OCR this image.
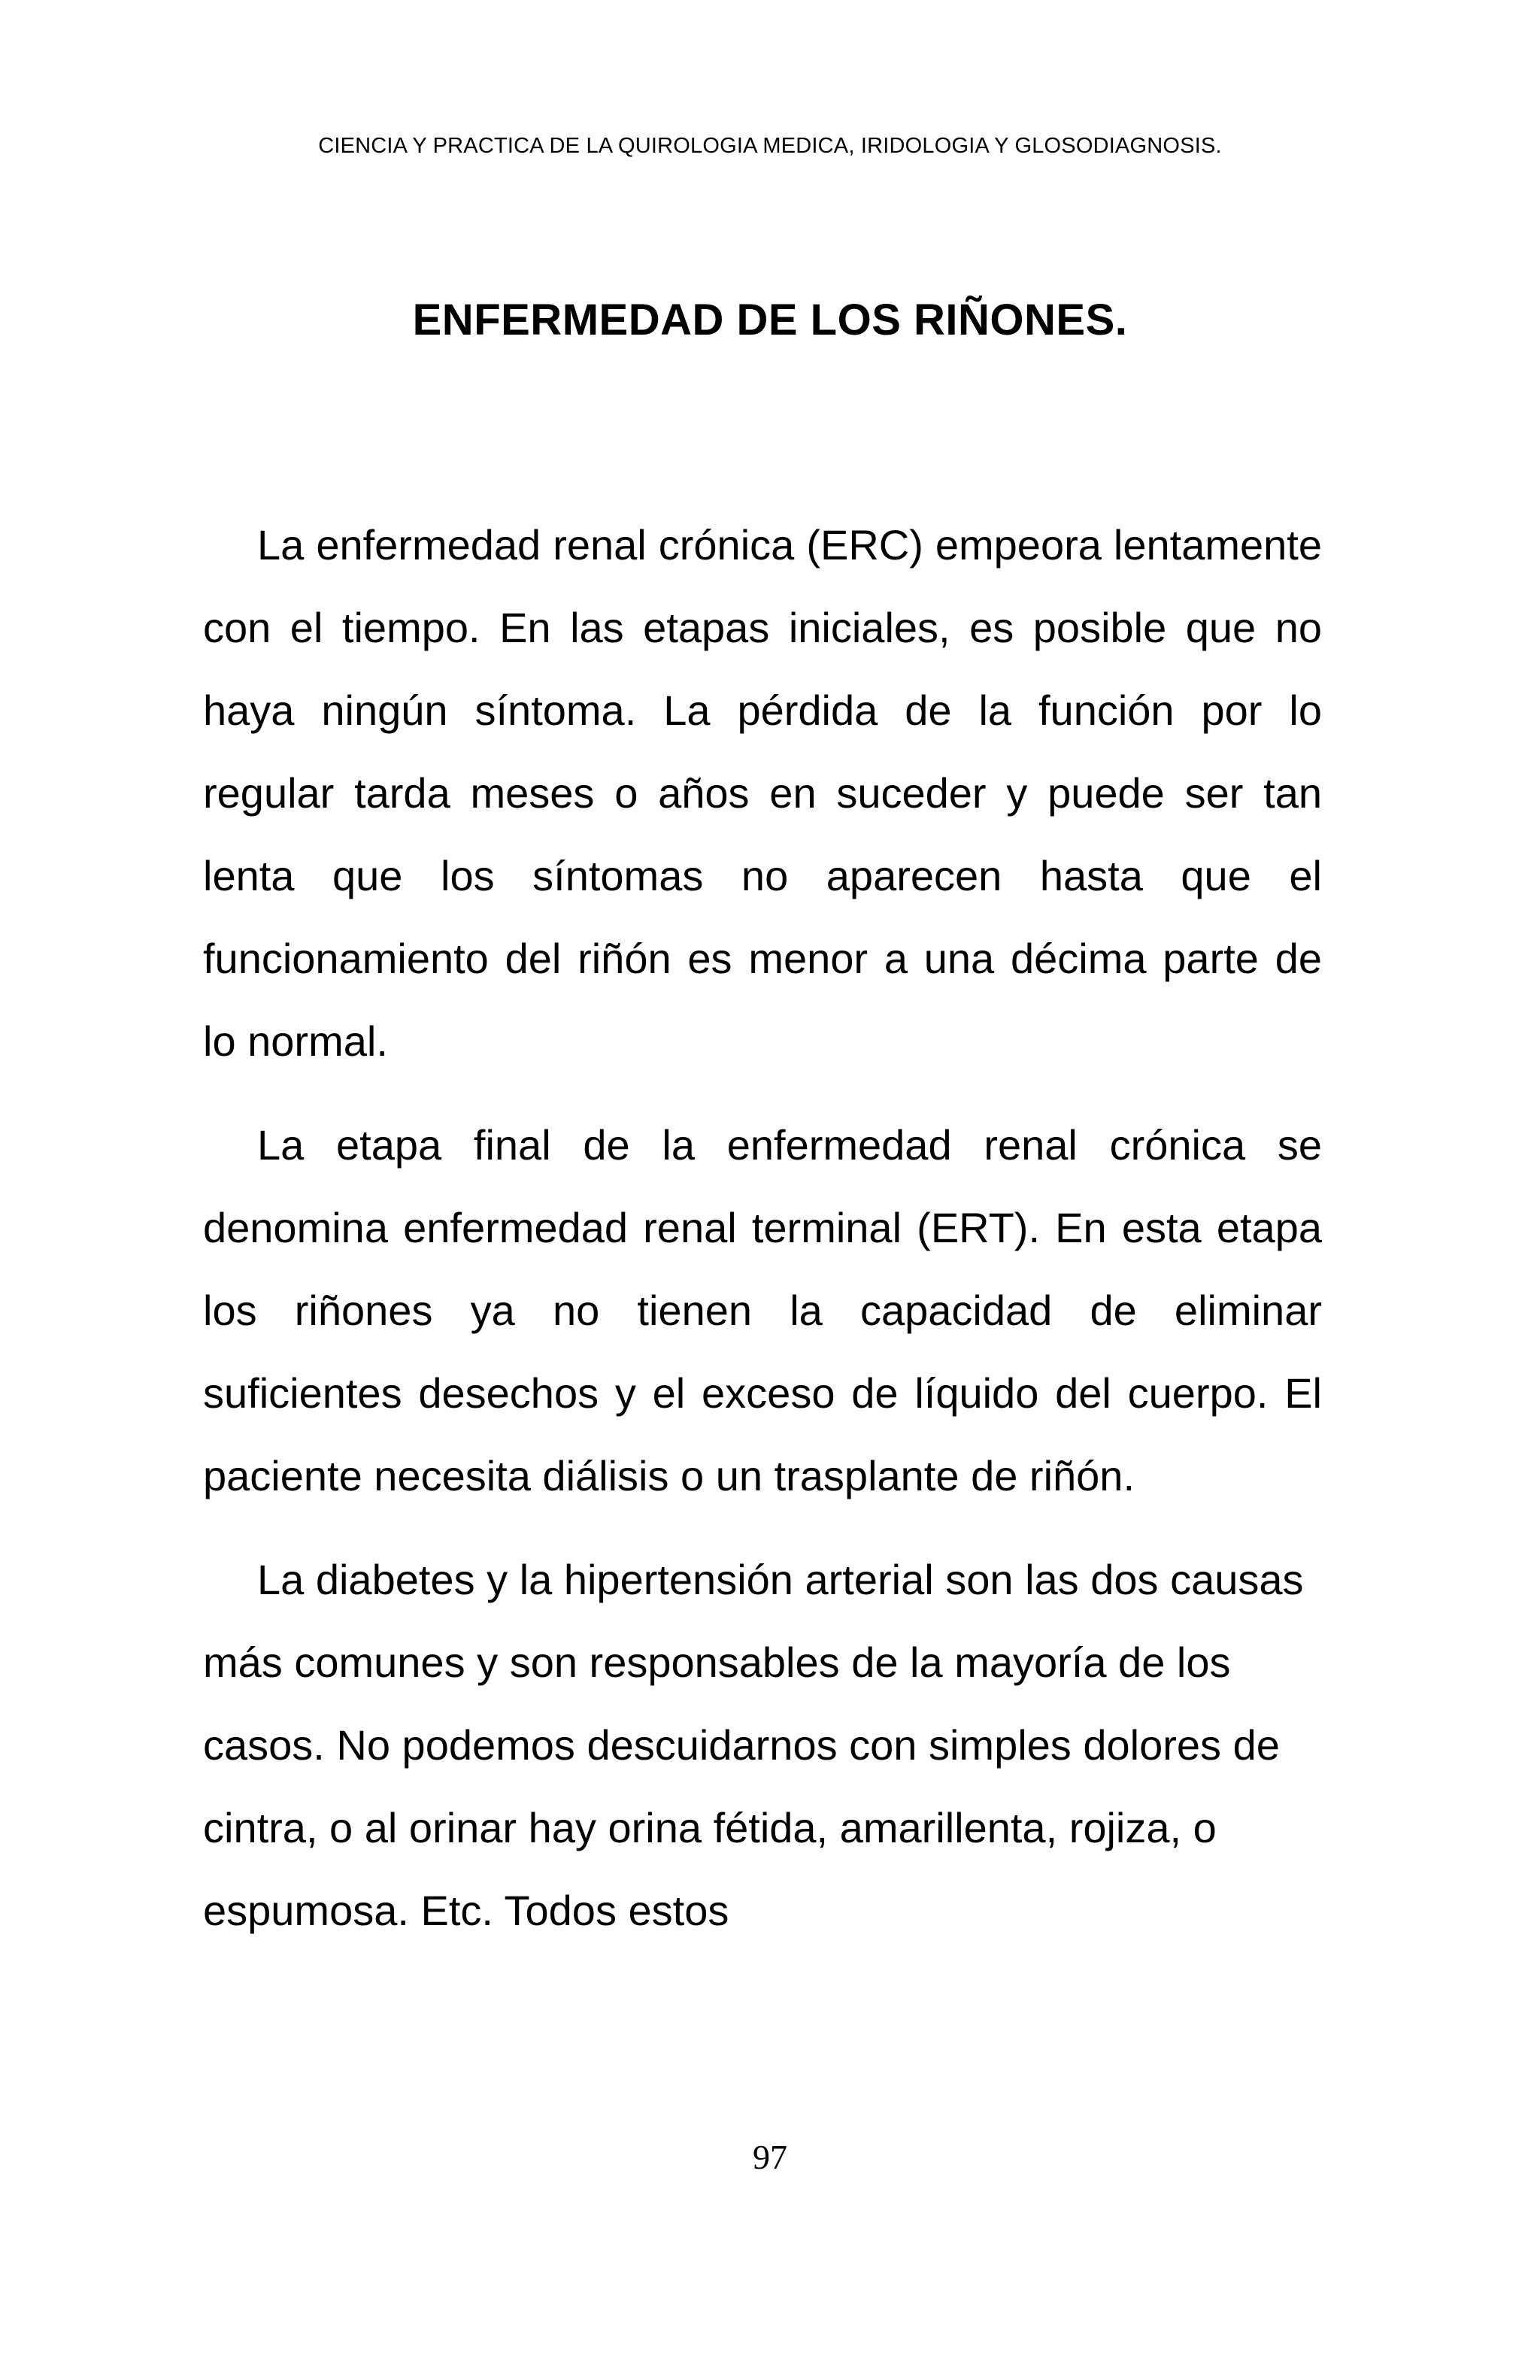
CIENCIA Y PRACTICA DE LA QUIROLOGIA MEDICA, IRIDOLOGIA Y GLOSODIAGNOSIS.
ENFERMEDAD DE LOS RIÑONES.

La enfermedad renal crónica (ERC) empeora lentamente con el tiempo. En las etapas iniciales, es posible que no haya ningún síntoma. La pérdida de la función por lo regular tarda meses o años en suceder y puede ser tan lenta que los síntomas no aparecen hasta que el funcionamiento del riñón es menor a una décima parte de lo normal.

La etapa final de la enfermedad renal crónica se denomina enfermedad renal terminal (ERT). En esta etapa los riñones ya no tienen la capacidad de eliminar suficientes desechos y el exceso de líquido del cuerpo. El paciente necesita diálisis o un trasplante de riñón.

La diabetes y la hipertensión arterial son las dos causas más comunes y son responsables de la mayoría de los casos. No podemos descuidarnos con simples dolores de cintra, o al orinar hay orina fétida, amarillenta, rojiza, o espumosa. Etc. Todos estos

97
